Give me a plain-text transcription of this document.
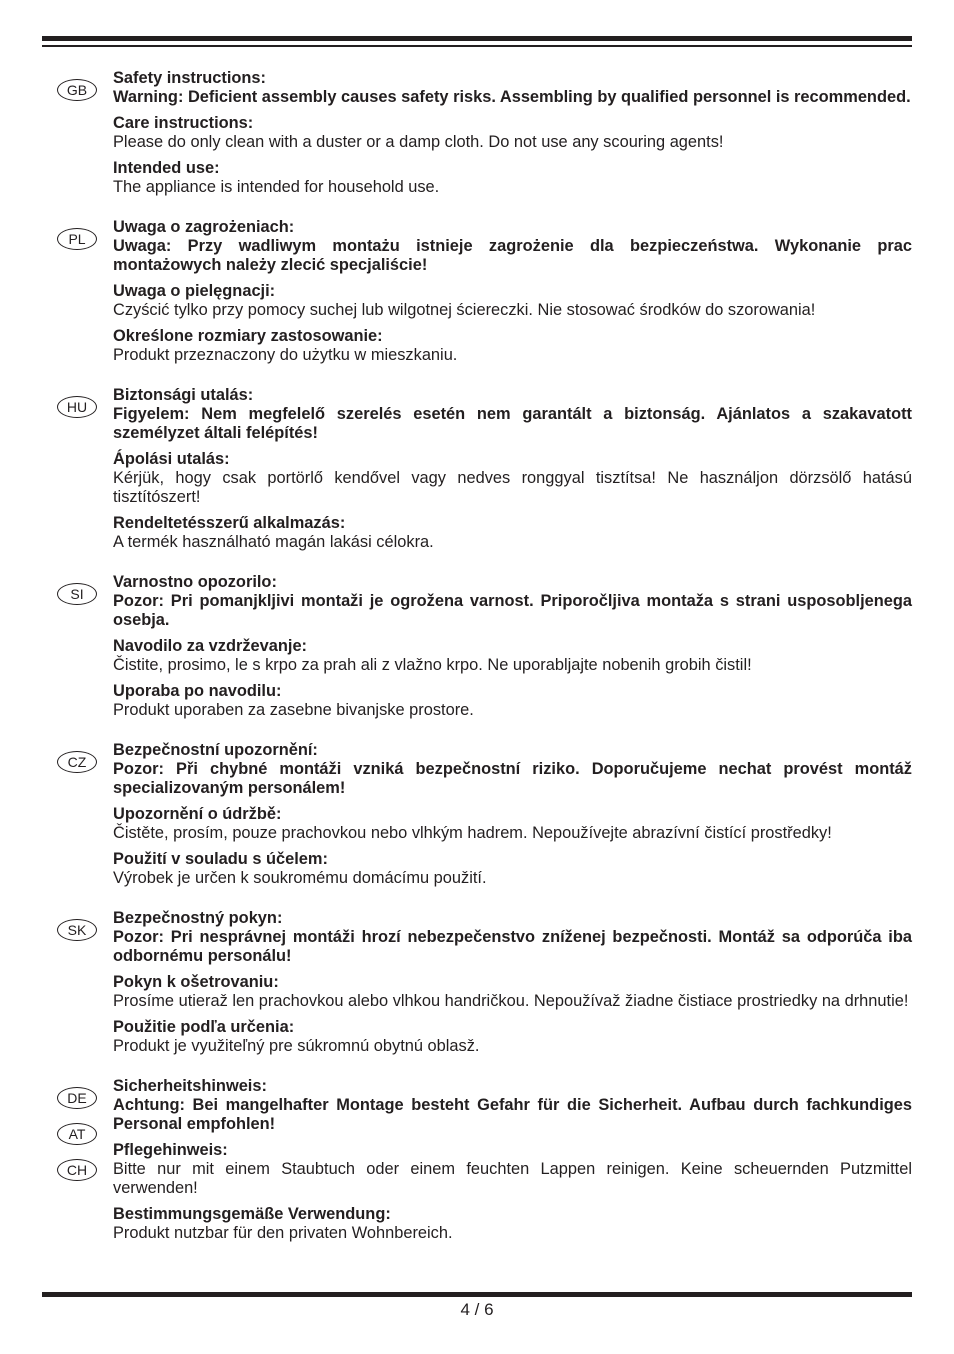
GB
Safety instructions:
Warning: Deficient assembly causes safety risks. Assembling by qualified personnel is recommended.
Care instructions:
Please do only clean with a duster or a damp cloth. Do not use any scouring agents!
Intended use:
The appliance is intended for household use.
PL
Uwaga o zagrożeniach:
Uwaga: Przy wadliwym montażu istnieje zagrożenie dla bezpieczeństwa. Wykonanie prac montażowych należy zlecić specjaliście!
Uwaga o pielęgnacji:
Czyścić tylko przy pomocy suchej lub wilgotnej ściereczki. Nie stosować środków do szorowania!
Określone rozmiary zastosowanie:
Produkt przeznaczony do użytku w mieszkaniu.
HU
Biztonsági utalás:
Figyelem: Nem megfelelő szerelés esetén nem garantált a biztonság. Ajánlatos a szakavatott személyzet általi felépítés!
Ápolási utalás:
Kérjük, hogy csak portörlő kendővel vagy nedves ronggyal tisztítsa! Ne használjon dörzsölő hatású tisztítószert!
Rendeltetésszerű alkalmazás:
A termék használható magán lakási célokra.
SI
Varnostno opozorilo:
Pozor: Pri pomanjkljivi montaži je ogrožena varnost. Priporočljiva montaža s strani usposobljenega osebja.
Navodilo za vzdrževanje:
Čistite, prosimo, le s krpo za prah ali z vlažno krpo. Ne uporabljajte nobenih grobih čistil!
Uporaba po navodilu:
Produkt uporaben za zasebne bivanjske prostore.
CZ
Bezpečnostní upozornění:
Pozor: Při chybné montáži vzniká bezpečnostní riziko. Doporučujeme nechat provést montáž specializovaným personálem!
Upozornění o údržbě:
Čistěte, prosím, pouze prachovkou nebo vlhkým hadrem. Nepoužívejte abrazívní čistící prostředky!
Použití v souladu s účelem:
Výrobek je určen k soukromému domácímu použití.
SK
Bezpečnostný pokyn:
Pozor: Pri nesprávnej montáži hrozí nebezpečenstvo zníženej bezpečnosti. Montáž sa odporúča iba odbornému personálu!
Pokyn k ošetrovaniu:
Prosíme utieraž len prachovkou alebo vlhkou handričkou. Nepoužívaž žiadne čistiace prostriedky na drhnutie!
Použitie podľa určenia:
Produkt je využiteľný pre súkromnú obytnú oblasž.
DE
AT
CH
Sicherheitshinweis:
Achtung: Bei mangelhafter Montage besteht Gefahr für die Sicherheit. Aufbau durch fachkundiges Personal empfohlen!
Pflegehinweis:
Bitte nur mit einem Staubtuch oder einem feuchten Lappen reinigen. Keine scheuernden Putzmittel verwenden!
Bestimmungsgemäße Verwendung:
Produkt nutzbar für den privaten Wohnbereich.
4 / 6
